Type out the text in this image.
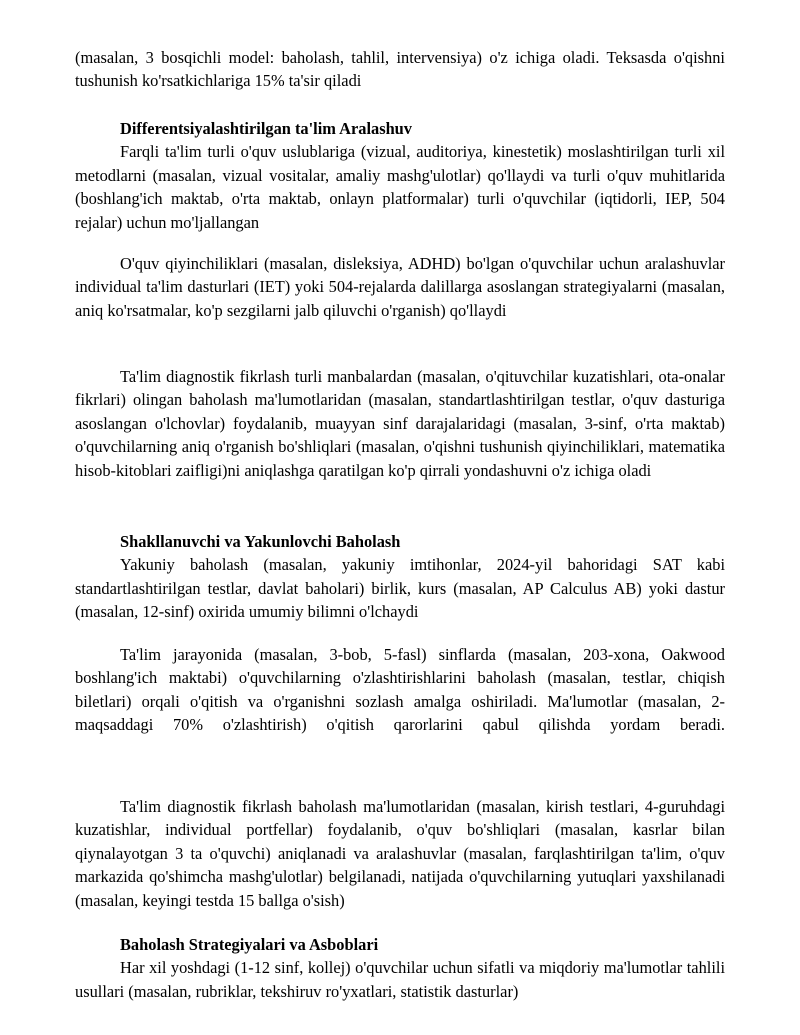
(masalan, 3 bosqichli model: baholash, tahlil, intervensiya) o'z ichiga oladi. Teksasda o'qishni tushunish ko'rsatkichlariga 15% ta'sir qiladi

Differentsiyalashtirilgan ta'lim Aralashuv

Farqli ta'lim turli o'quv uslublariga (vizual, auditoriya, kinestetik) moslashtirilgan turli xil metodlarni (masalan, vizual vositalar, amaliy mashg'ulotlar) qo'llaydi va turli o'quv muhitlarida (boshlang'ich maktab, o'rta maktab, onlayn platformalar) turli o'quvchilar (iqtidorli, IEP, 504 rejalar) uchun mo'ljallangan

O'quv qiyinchiliklari (masalan, disleksiya, ADHD) bo'lgan o'quvchilar uchun aralashuvlar individual ta'lim dasturlari (IET) yoki 504-rejalarda dalillarga asoslangan strategiyalarni (masalan, aniq ko'rsatmalar, ko'p sezgilarni jalb qiluvchi o'rganish) qo'llaydi

Ta'lim diagnostik fikrlash turli manbalardan (masalan, o'qituvchilar kuzatishlari, ota-onalar fikrlari) olingan baholash ma'lumotlaridan (masalan, standartlashtirilgan testlar, o'quv dasturiga asoslangan o'lchovlar) foydalanib, muayyan sinf darajalaridagi (masalan, 3-sinf, o'rta maktab) o'quvchilarning aniq o'rganish bo'shliqlari (masalan, o'qishni tushunish qiyinchiliklari, matematika hisob-kitoblari zaifligi)ni aniqlashga qaratilgan ko'p qirrali yondashuvni o'z ichiga oladi

Shakllanuvchi va Yakunlovchi Baholash

Yakuniy baholash (masalan, yakuniy imtihonlar, 2024-yil bahoridagi SAT kabi standartlashtirilgan testlar, davlat baholari) birlik, kurs (masalan, AP Calculus AB) yoki dastur (masalan, 12-sinf) oxirida umumiy bilimni o'lchaydi

Ta'lim jarayonida (masalan, 3-bob, 5-fasl) sinflarda (masalan, 203-xona, Oakwood boshlang'ich maktabi) o'quvchilarning o'zlashtirishlarini baholash (masalan, testlar, chiqish biletlari) orqali o'qitish va o'rganishni sozlash amalga oshiriladi. Ma'lumotlar (masalan, 2-maqsaddagi 70% o'zlashtirish) o'qitish qarorlarini qabul qilishda yordam beradi.

Ta'lim diagnostik fikrlash baholash ma'lumotlaridan (masalan, kirish testlari, 4-guruhdagi kuzatishlar, individual portfellar) foydalanib, o'quv bo'shliqlari (masalan, kasrlar bilan qiynalayotgan 3 ta o'quvchi) aniqlanadi va aralashuvlar (masalan, farqlashtirilgan ta'lim, o'quv markazida qo'shimcha mashg'ulotlar) belgilanadi, natijada o'quvchilarning yutuqlari yaxshilanadi (masalan, keyingi testda 15 ballga o'sish)

Baholash Strategiyalari va Asboblari

Har xil yoshdagi (1-12 sinf, kollej) o'quvchilar uchun sifatli va miqdoriy ma'lumotlar tahlili usullari (masalan, rubriklar, tekshiruv ro'yxatlari, statistik dasturlar)
